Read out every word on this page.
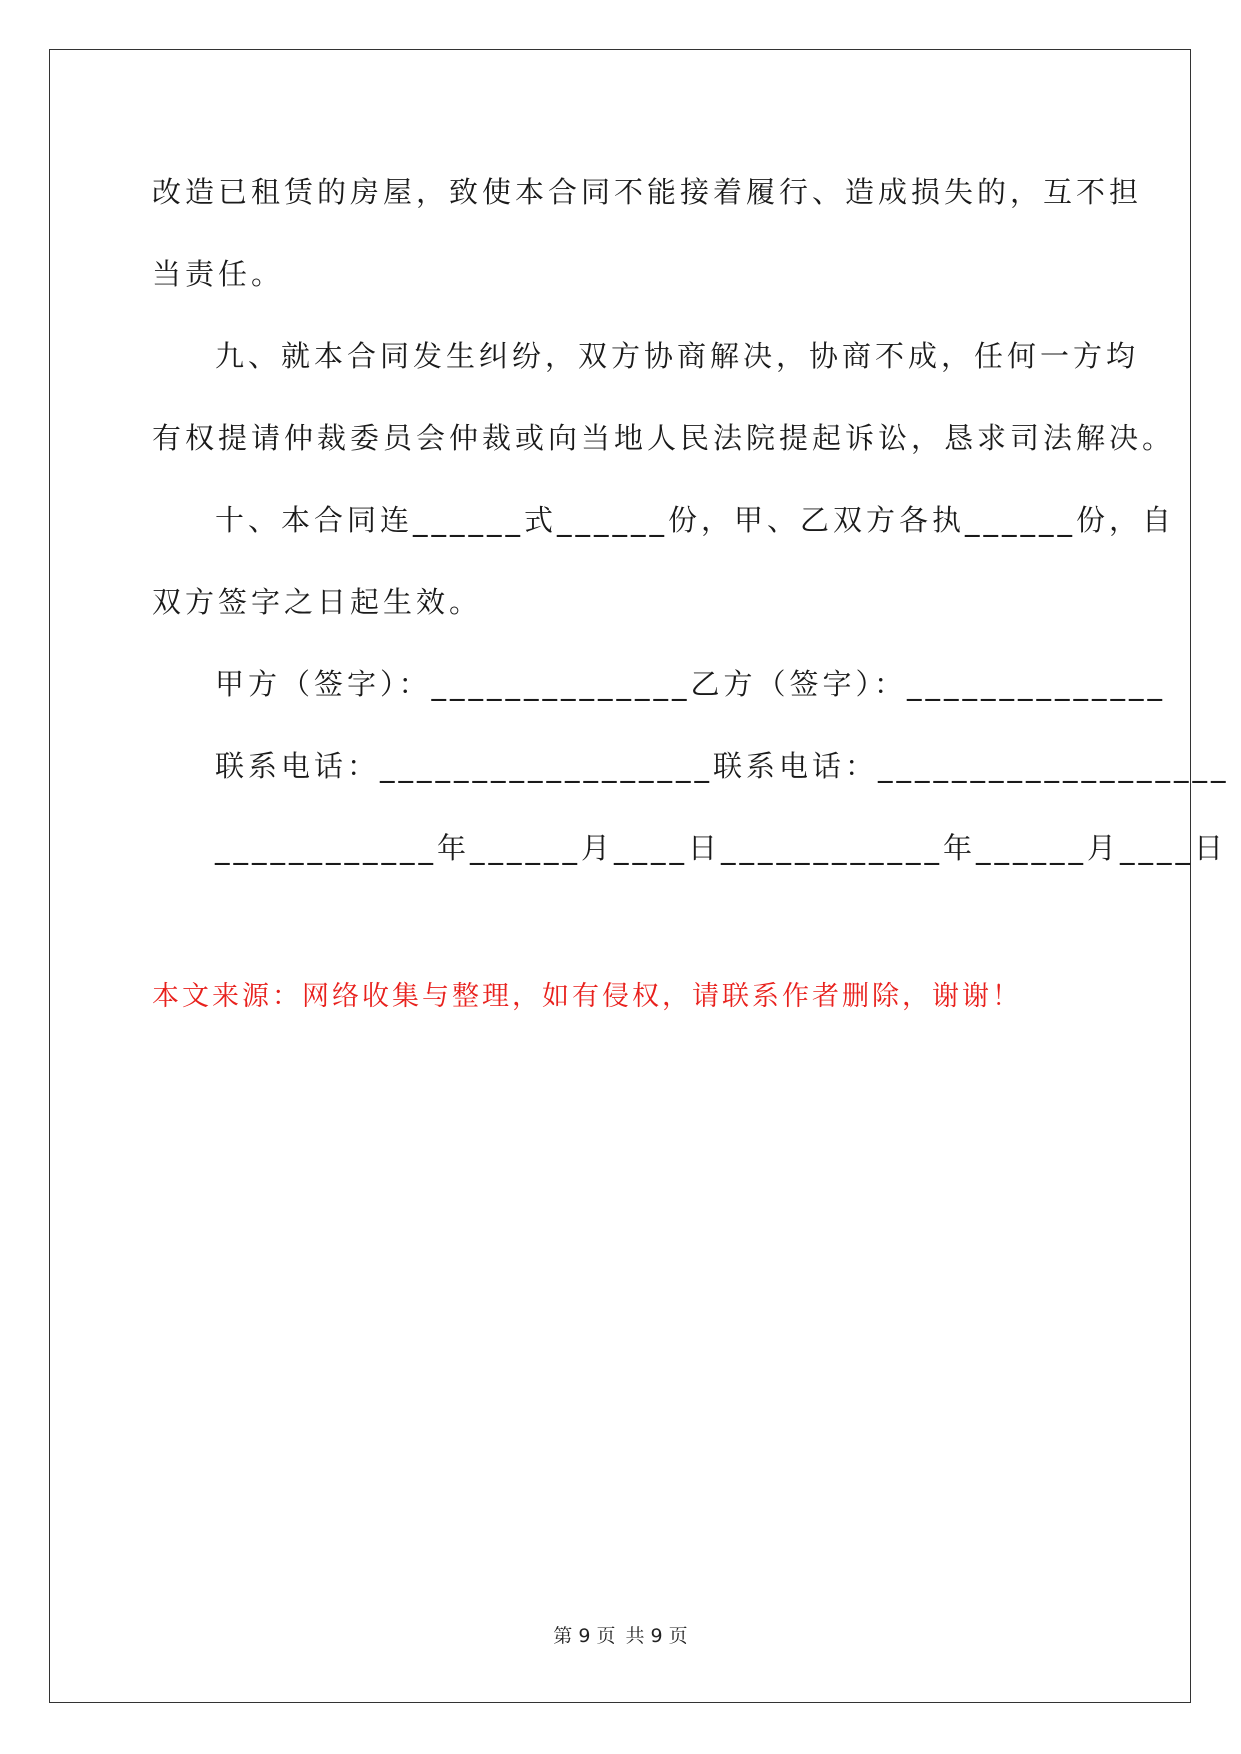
改造已租赁的房屋，致使本合同不能接着履行、造成损失的，互不担
当责任。
九、就本合同发生纠纷，双方协商解决，协商不成，任何一方均
有权提请仲裁委员会仲裁或向当地人民法院提起诉讼，恳求司法解决。
十、本合同连______式______份，甲、乙双方各执______份，自
双方签字之日起生效。
甲方（签字）：______________乙方（签字）：______________
联系电话：__________________联系电话：___________________
____________年______月____日____________年______月____日
本文来源：网络收集与整理，如有侵权，请联系作者删除，谢谢！
第 9 页 共 9 页
